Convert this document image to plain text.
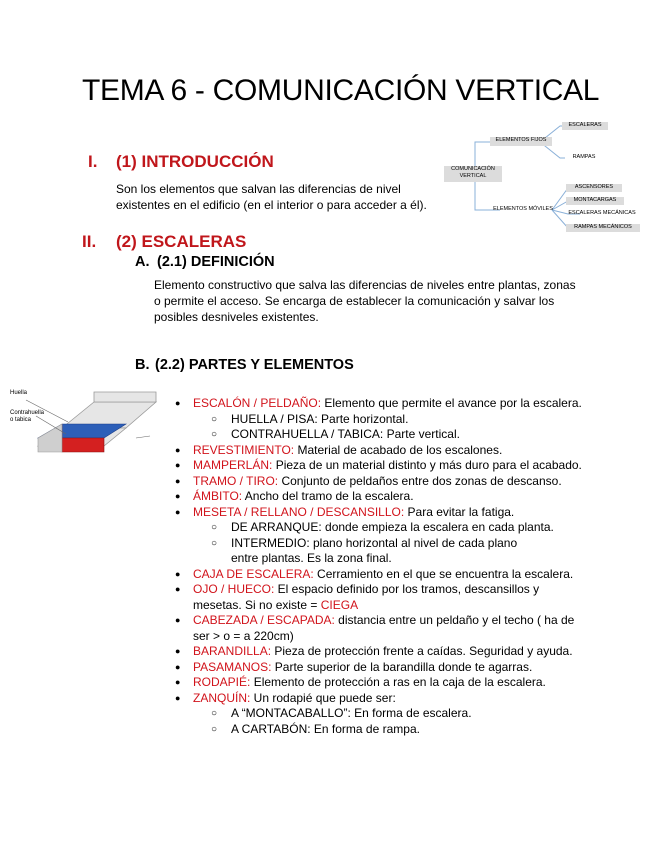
TEMA 6 - COMUNICACIÓN VERTICAL
I. (1) INTRODUCCIÓN
Son los elementos que salvan las diferencias de nivel existentes en el edificio (en el interior o para acceder a él).
COMUNICACIÓN VERTICAL
ELEMENTOS FIJOS
ESCALERAS
RAMPAS
ELEMENTOS MÓVILES
ASCENSORES
MONTACARGAS
ESCALERAS MECÁNICAS
RAMPAS MECÁNICOS
II. (2) ESCALERAS
A. (2.1) DEFINICIÓN
Elemento constructivo que salva las diferencias de niveles entre plantas, zonas o permite el acceso. Se encarga de establecer la comunicación y salvar los posibles desniveles existentes.
B. (2.2) PARTES Y ELEMENTOS
Huella
Contrahuella o tabica
● ESCALÓN / PELDAÑO: Elemento que permite el avance por la escalera.
○ HUELLA / PISA: Parte horizontal.
○ CONTRAHUELLA / TABICA: Parte vertical.
● REVESTIMIENTO: Material de acabado de los escalones.
● MAMPERLÁN: Pieza de un material distinto y más duro para el acabado.
● TRAMO / TIRO: Conjunto de peldaños entre dos zonas de descanso.
● ÁMBITO: Ancho del tramo de la escalera.
● MESETA / RELLANO / DESCANSILLO: Para evitar la fatiga.
○ DE ARRANQUE: donde empieza la escalera en cada planta.
○ INTERMEDIO: plano horizontal al nivel de cada plano entre plantas. Es la zona final.
● CAJA DE ESCALERA: Cerramiento en el que se encuentra la escalera.
● OJO / HUECO: El espacio definido por los tramos, descansillos y mesetas. Si no existe = CIEGA
● CABEZADA / ESCAPADA: distancia entre un peldaño y el techo ( ha de ser > o = a 220cm)
● BARANDILLA: Pieza de protección frente a caídas. Seguridad y ayuda.
● PASAMANOS: Parte superior de la barandilla donde te agarras.
● RODAPIÉ: Elemento de protección a ras en la caja de la escalera.
● ZANQUÍN: Un rodapié que puede ser:
○ A “MONTACABALLO”: En forma de escalera.
○ A CARTABÓN: En forma de rampa.
